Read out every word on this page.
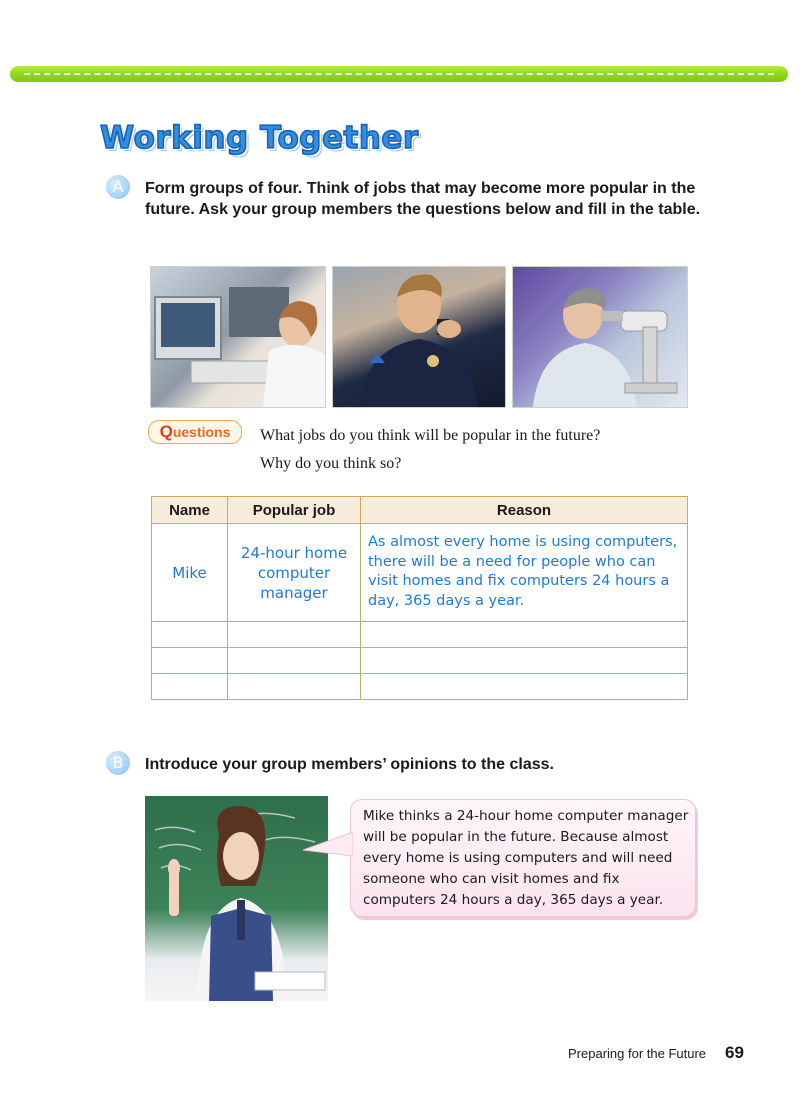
Working Together
A	Form groups of four. Think of jobs that may become more popular in the future. Ask your group members the questions below and fill in the table.
Questions	What jobs do you think will be popular in the future?
Why do you think so?
Name	Popular job	Reason
Mike	24-hour home computer manager	As almost every home is using computers, there will be a need for people who can visit homes and fix computers 24 hours a day, 365 days a year.

B	Introduce your group members’ opinions to the class.
Mike thinks a 24-hour home computer manager will be popular in the future. Because almost every home is using computers and will need someone who can visit homes and fix computers 24 hours a day, 365 days a year.
Preparing for the Future 69
